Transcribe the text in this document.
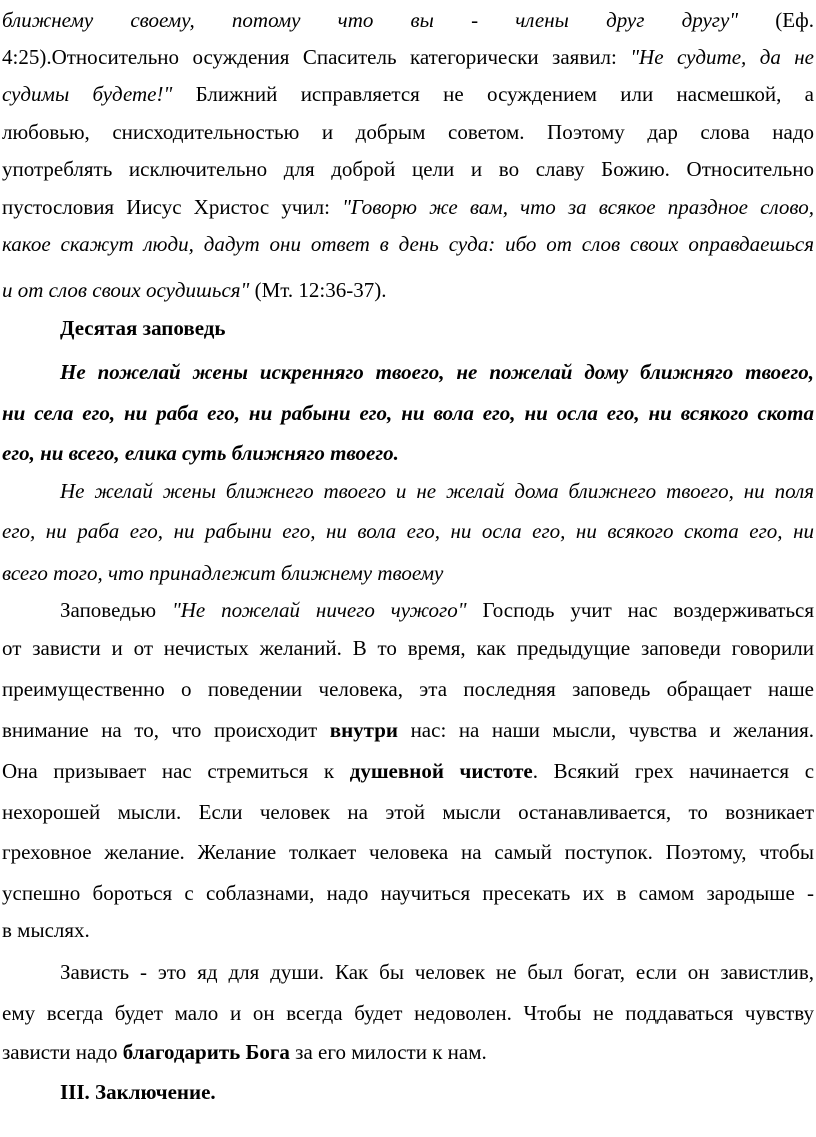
ближнему своему, потому что вы - члены друг другу" (Еф.
4:25).Относительно осуждения Спаситель категорически заявил: "Не судите, да не
судимы будете!" Ближний исправляется не осуждением или насмешкой, а
любовью, снисходительностью и добрым советом. Поэтому дар слова надо
употреблять исключительно для доброй цели и во славу Божию. Относительно
пустословия Иисус Христос учил: "Говорю же вам, что за всякое праздное слово,
какое скажут люди, дадут они ответ в день суда: ибо от слов своих оправдаешься
и от слов своих осудишься" (Мт. 12:36-37).
Десятая заповедь
Не пожелай жены искренняго твоего, не пожелай дому ближняго твоего,
ни села его, ни раба его, ни рабыни его, ни вола его, ни осла его, ни всякого скота
его, ни всего, елика суть ближняго твоего.
Не желай жены ближнего твоего и не желай дома ближнего твоего, ни поля
его, ни раба его, ни рабыни его, ни вола его, ни осла его, ни всякого скота его, ни
всего того, что принадлежит ближнему твоему
Заповедью "Не пожелай ничего чужого" Господь учит нас воздерживаться
от зависти и от нечистых желаний. В то время, как предыдущие заповеди говорили
преимущественно о поведении человека, эта последняя заповедь обращает наше
внимание на то, что происходит внутри нас: на наши мысли, чувства и желания.
Она призывает нас стремиться к душевной чистоте. Всякий грех начинается с
нехорошей мысли. Если человек на этой мысли останавливается, то возникает
греховное желание. Желание толкает человека на самый поступок. Поэтому, чтобы
успешно бороться с соблазнами, надо научиться пресекать их в самом зародыше -
в мыслях.
Зависть - это яд для души. Как бы человек не был богат, если он завистлив,
ему всегда будет мало и он всегда будет недоволен. Чтобы не поддаваться чувству
зависти надо благодарить Бога за его милости к нам.
III. Заключение.
